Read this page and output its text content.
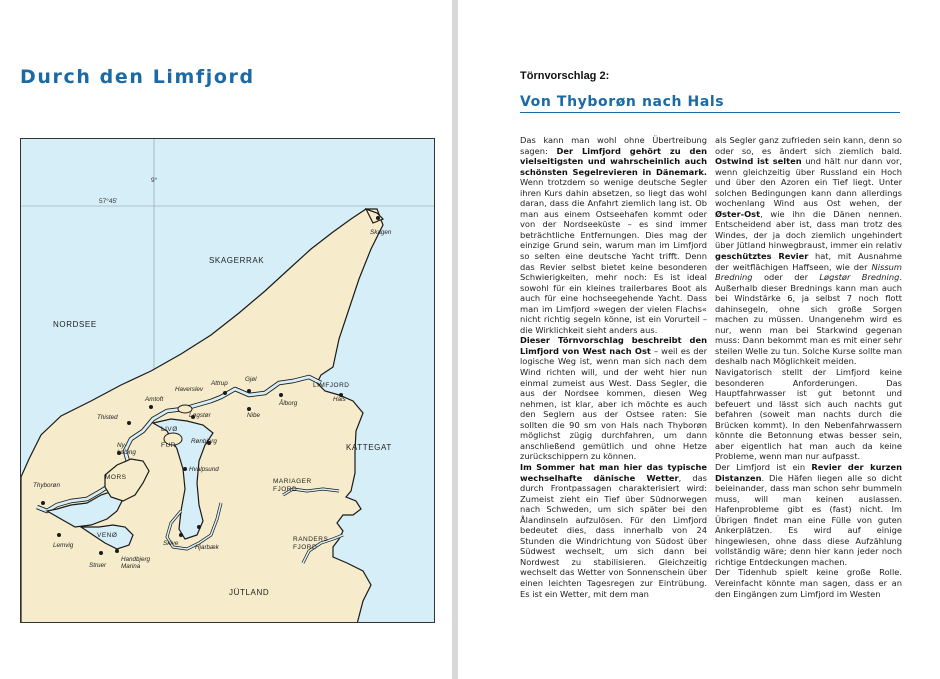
Durch den Limfjord
9°
57°45'
SKAGERRAK
NORDSEE
KATTEGAT
JÜTLAND
LIMFJORD
MARIAGER FJORD
RANDERS FJORD
MORS
LIVØ
FUR
VENØ
Skagen
Hals
Ålborg
Nibe
Gjøl
Attrup
Haverslev
Amtoft
Løgstør
Thisted
Ny- købing
Rønbjerg
Hvalpsund
Thyborøn
Lemvig
Struer
Handbjerg Marina
Skive
Hjarbæk

Törnvorschlag 2:

Von Thyborøn nach Hals

Das kann man wohl ohne Übertreibung sagen: Der Limfjord gehört zu den vielseitigsten und wahrscheinlich auch schönsten Segelrevieren in Dänemark. Wenn trotzdem so wenige deutsche Segler ihren Kurs dahin absetzen, so liegt das wohl daran, dass die Anfahrt ziemlich lang ist. Ob man aus einem Ostseehafen kommt oder von der Nordseeküste – es sind immer beträchtliche Entfernungen. Dies mag der einzige Grund sein, warum man im Limfjord so selten eine deutsche Yacht trifft. Denn das Revier selbst bietet keine besonderen Schwierigkeiten, mehr noch: Es ist ideal sowohl für ein kleines trailerbares Boot als auch für eine hochseegehende Yacht. Dass man im Limfjord »wegen der vielen Flachs« nicht richtig segeln könne, ist ein Vorurteil – die Wirklichkeit sieht anders aus.

Dieser Törnvorschlag beschreibt den Limfjord von West nach Ost – weil es der logische Weg ist, wenn man sich nach dem Wind richten will, und der weht hier nun einmal zumeist aus West. Dass Segler, die aus der Nordsee kommen, diesen Weg nehmen, ist klar, aber ich möchte es auch den Seglern aus der Ostsee raten: Sie sollten die 90 sm von Hals nach Thyborøn möglichst zügig durchfahren, um dann anschließend gemütlich und ohne Hetze zurückschippern zu können.

Im Sommer hat man hier das typische wechselhafte dänische Wetter, das durch Frontpassagen charakterisiert wird: Zumeist zieht ein Tief über Südnorwegen nach Schweden, um sich später bei den Ålandinseln aufzulösen. Für den Limfjord bedeutet dies, dass innerhalb von 24 Stunden die Windrichtung von Südost über Südwest wechselt, um sich dann bei Nordwest zu stabilisieren. Gleichzeitig wechselt das Wetter von Sonnenschein über einen leichten Tagesregen zur Eintrübung. Es ist ein Wetter, mit dem man

als Segler ganz zufrieden sein kann, denn so oder so, es ändert sich ziemlich bald. Ostwind ist selten und hält nur dann vor, wenn gleichzeitig über Russland ein Hoch und über den Azoren ein Tief liegt. Unter solchen Bedingungen kann dann allerdings wochenlang Wind aus Ost wehen, der Øster-Ost, wie ihn die Dänen nennen. Entscheidend aber ist, dass man trotz des Windes, der ja doch ziemlich ungehindert über Jütland hinwegbraust, immer ein relativ geschütztes Revier hat, mit Ausnahme der weitflächigen Haffseen, wie der Nissum Bredning oder der Løgstør Bredning. Außerhalb dieser Brednings kann man auch bei Windstärke 6, ja selbst 7 noch flott dahinsegeln, ohne sich große Sorgen machen zu müssen. Unangenehm wird es nur, wenn man bei Starkwind gegenan muss: Dann bekommt man es mit einer sehr steilen Welle zu tun. Solche Kurse sollte man deshalb nach Möglichkeit meiden.

Navigatorisch stellt der Limfjord keine besonderen Anforderungen. Das Hauptfahrwasser ist gut betonnt und befeuert und lässt sich auch nachts gut befahren (soweit man nachts durch die Brücken kommt). In den Nebenfahrwassern könnte die Betonnung etwas besser sein, aber eigentlich hat man auch da keine Probleme, wenn man nur aufpasst.

Der Limfjord ist ein Revier der kurzen Distanzen. Die Häfen liegen alle so dicht beieinander, dass man schon sehr bummeln muss, will man keinen auslassen. Hafenprobleme gibt es (fast) nicht. Im Übrigen findet man eine Fülle von guten Ankerplätzen. Es wird auf einige hingewiesen, ohne dass diese Aufzählung vollständig wäre; denn hier kann jeder noch richtige Entdeckungen machen.

Der Tidenhub spielt keine große Rolle. Vereinfacht könnte man sagen, dass er an den Eingängen zum Limfjord im Westen
